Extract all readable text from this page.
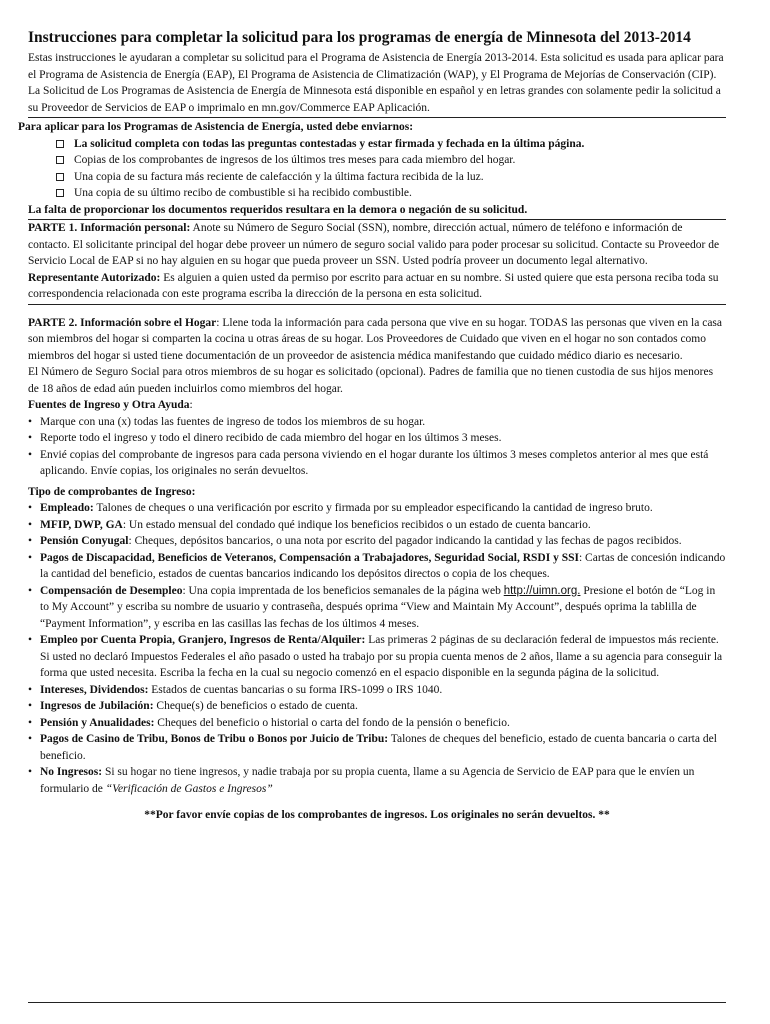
Instrucciones para completar la solicitud para los programas de energía de Minnesota del 2013-2014

Estas instrucciones le ayudaran a completar su solicitud para el Programa de Asistencia de Energía 2013-2014. Esta solicitud es usada para aplicar para el Programa de Asistencia de Energía (EAP), El Programa de Asistencia de Climatización (WAP), y El Programa de Mejorías de Conservación (CIP).

La Solicitud de Los Programas de Asistencia de Energía de Minnesota está disponible en español y en letras grandes con solamente pedir la solicitud a su Proveedor de Servicios de EAP o imprimalo en mn.gov/Commerce EAP Aplicación.

Para aplicar para los Programas de Asistencia de Energía, usted debe enviarnos:

La solicitud completa con todas las preguntas contestadas y estar firmada y fechada en la última página.
Copias de los comprobantes de ingresos de los últimos tres meses para cada miembro del hogar.
Una copia de su factura más reciente de calefacción y la última factura recibida de la luz.
Una copia de su último recibo de combustible si ha recibido combustible.

La falta de proporcionar los documentos requeridos resultara en la demora o negación de su solicitud.

PARTE 1. Información personal: Anote su Número de Seguro Social (SSN), nombre, dirección actual, número de teléfono e información de contacto. El solicitante principal del hogar debe proveer un número de seguro social valido para poder procesar su solicitud. Contacte su Proveedor de Servicio Local de EAP si no hay alguien en su hogar que pueda proveer un SSN. Usted podría proveer un documento legal alternativo.

Representante Autorizado: Es alguien a quien usted da permiso por escrito para actuar en su nombre. Si usted quiere que esta persona reciba toda su correspondencia relacionada con este programa escriba la dirección de la persona en esta solicitud.

PARTE 2. Información sobre el Hogar: Llene toda la información para cada persona que vive en su hogar. TODAS las personas que viven en la casa son miembros del hogar si comparten la cocina u otras áreas de su hogar. Los Proveedores de Cuidado que viven en el hogar no son contados como miembros del hogar si usted tiene documentación de un proveedor de asistencia médica manifestando que cuidado médico diario es necesario.

El Número de Seguro Social para otros miembros de su hogar es solicitado (opcional). Padres de familia que no tienen custodia de sus hijos menores de 18 años de edad aún pueden incluirlos como miembros del hogar.

Fuentes de Ingreso y Otra Ayuda:

• Marque con una (x) todas las fuentes de ingreso de todos los miembros de su hogar.
• Reporte todo el ingreso y todo el dinero recibido de cada miembro del hogar en los últimos 3 meses.
• Envié copias del comprobante de ingresos para cada persona viviendo en el hogar durante los últimos 3 meses completos anterior al mes que está aplicando. Envíe copias, los originales no serán devueltos.

Tipo de comprobantes de Ingreso:

• Empleado: Talones de cheques o una verificación por escrito y firmada por su empleador especificando la cantidad de ingreso bruto.
• MFIP, DWP, GA: Un estado mensual del condado qué indique los beneficios recibidos o un estado de cuenta bancario.
• Pensión Conyugal: Cheques, depósitos bancarios, o una nota por escrito del pagador indicando la cantidad y las fechas de pagos recibidos.
• Pagos de Discapacidad, Beneficios de Veteranos, Compensación a Trabajadores, Seguridad Social, RSDI y SSI: Cartas de concesión indicando la cantidad del beneficio, estados de cuentas bancarios indicando los depósitos directos o copia de los cheques.
• Compensación de Desempleo: Una copia imprentada de los beneficios semanales de la página web http://uimn.org. Presione el botón de “Log in to My Account” y escriba su nombre de usuario y contraseña, después oprima “View and Maintain My Account”, después oprima la tablilla de “Payment Information”, y escriba en las casillas las fechas de los últimos 4 meses.
• Empleo por Cuenta Propia, Granjero, Ingresos de Renta/Alquiler: Las primeras 2 páginas de su declaración federal de impuestos más reciente. Si usted no declaró Impuestos Federales el año pasado o usted ha trabajo por su propia cuenta menos de 2 años, llame a su agencia para conseguir la forma que usted necesita. Escriba la fecha en la cual su negocio comenzó en el espacio disponible en la segunda página de la solicitud.
• Intereses, Dividendos: Estados de cuentas bancarias o su forma IRS-1099 o IRS 1040.
• Ingresos de Jubilación: Cheque(s) de beneficios o estado de cuenta.
• Pensión y Anualidades: Cheques del beneficio o historial o carta del fondo de la pensión o beneficio.
• Pagos de Casino de Tribu, Bonos de Tribu o Bonos por Juicio de Tribu: Talones de cheques del beneficio, estado de cuenta bancaria o carta del beneficio.
• No Ingresos: Si su hogar no tiene ingresos, y nadie trabaja por su propia cuenta, llame a su Agencia de Servicio de EAP para que le envíen un formulario de “Verificación de Gastos e Ingresos”

**Por favor envíe copias de los comprobantes de ingresos. Los originales no serán devueltos. **
